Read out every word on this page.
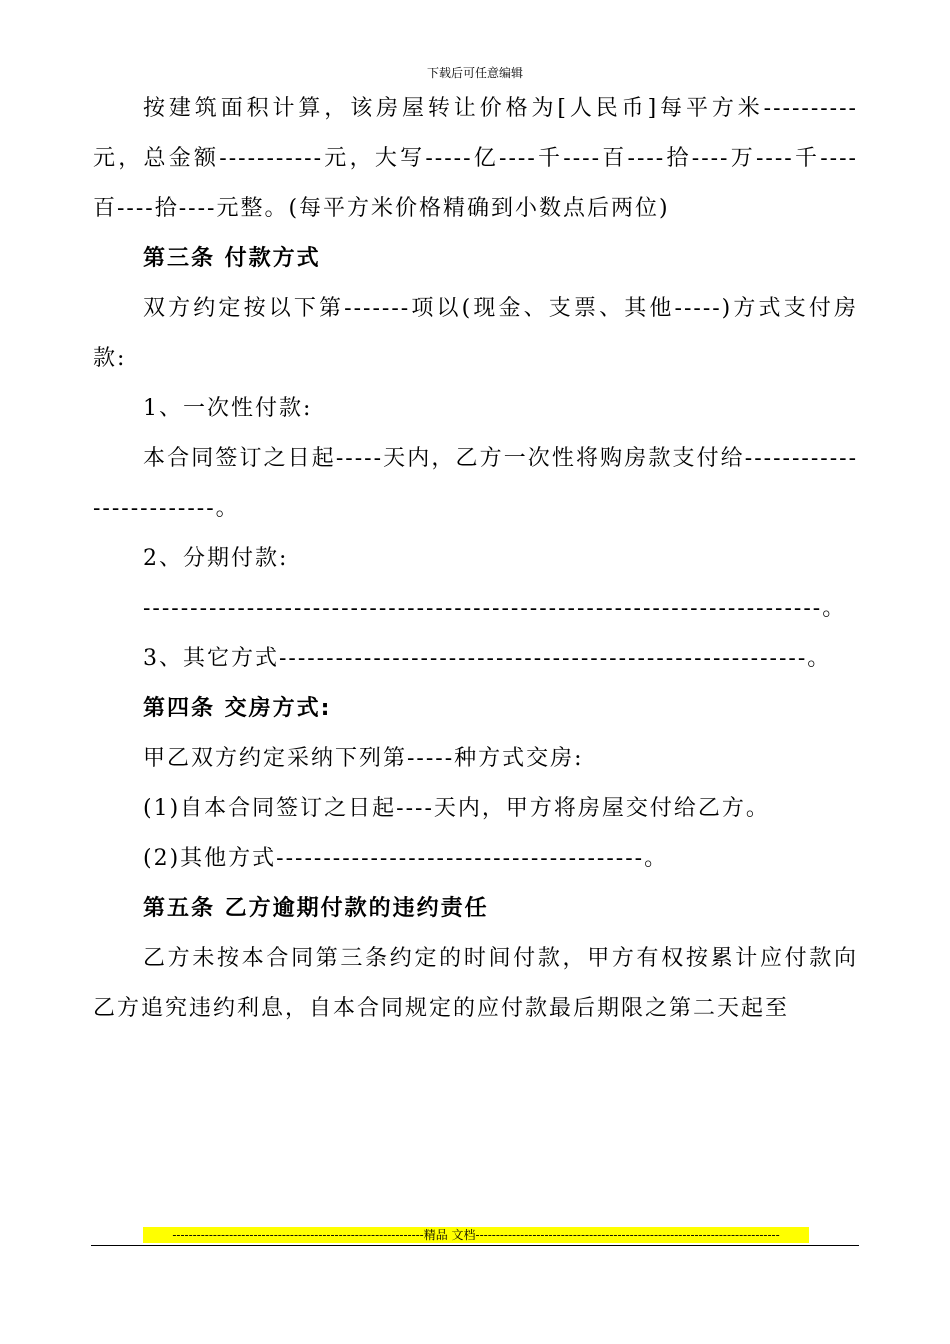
下载后可任意编辑

按建筑面积计算，该房屋转让价格为[人民币]每平方米----------元，总金额-----------元，大写-----亿----千----百----拾----万----千----百----拾----元整。(每平方米价格精确到小数点后两位)

第三条 付款方式

双方约定按以下第-------项以(现金、支票、其他-----)方式支付房款:

1、一次性付款:

本合同签订之日起-----天内，乙方一次性将购房款支付给-------------------------。

2、分期付款:

------------------------------------------------------------------------。

3、其它方式--------------------------------------------------------。

第四条 交房方式:

甲乙双方约定采纳下列第-----种方式交房:

(1)自本合同签订之日起----天内，甲方将房屋交付给乙方。

(2)其他方式---------------------------------------。

第五条 乙方逾期付款的违约责任

乙方未按本合同第三条约定的时间付款，甲方有权按累计应付款向乙方追究违约利息，自本合同规定的应付款最后期限之第二天起至

--------------------------------------------------------------精品 文档---------------------------------------------------------------------------
